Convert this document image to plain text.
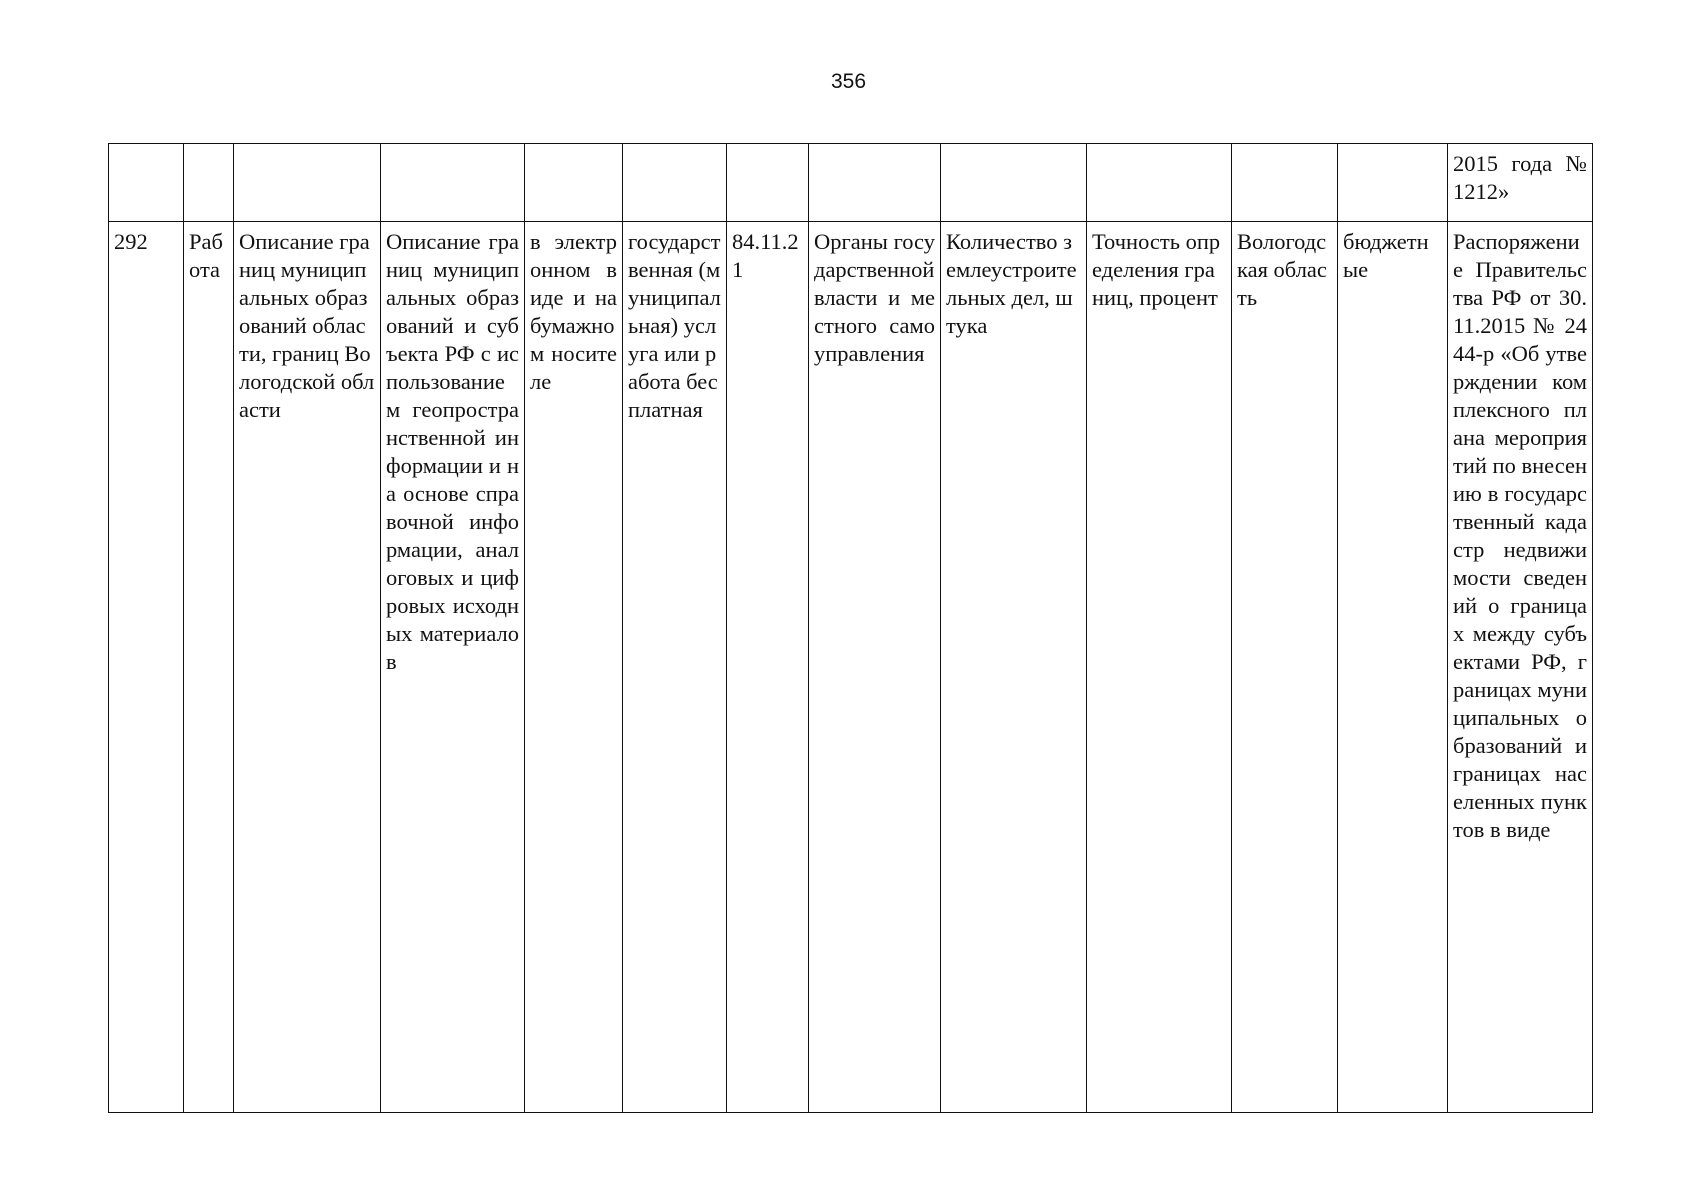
356
												2015 года № 1212»
292	Работа	Описание границ муниципальных образований области, границ Вологодской области	Описание границ муниципальных образований и субъекта РФ с использованием геопространственной информации и на основе справочной информации, аналоговых и цифровых исходных материалов	в электронном виде и на бумажном носителе	государственная (муниципальная) услуга или работа бесплатная	84.11.21	Органы государственной власти и местного самоуправления	Количество землеустроительных дел, штука	Точность определения границ, процент	Вологодская область	бюджетные	Распоряжение Правительства РФ от 30.11.2015 № 2444-р «Об утверждении комплексного плана мероприятий по внесению в государственный кадастр недвижимости сведений о границах между субъектами РФ, границах муниципальных образований и границах населенных пунктов в виде
